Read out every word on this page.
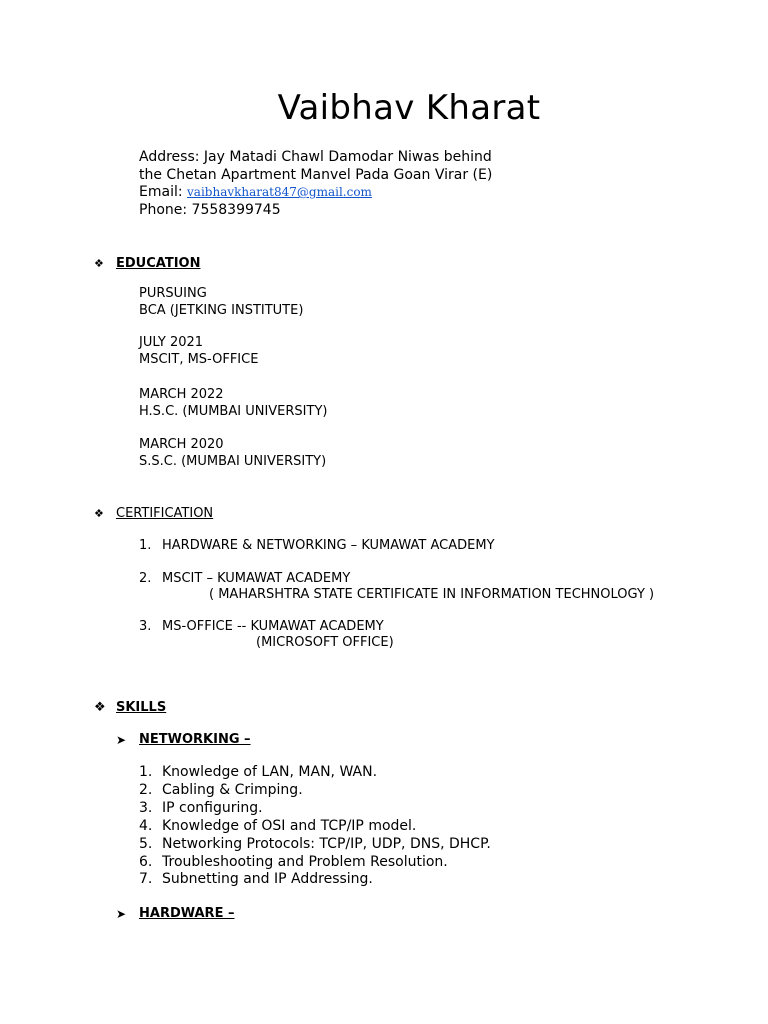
Vaibhav Kharat
Address: Jay Matadi Chawl Damodar Niwas behind
the Chetan Apartment Manvel Pada Goan Virar (E)
Email: vaibhavkharat847@gmail.com
Phone: 7558399745
❖ EDUCATION
PURSUING
BCA (JETKING INSTITUTE)
JULY 2021
MSCIT, MS-OFFICE
MARCH 2022
H.S.C. (MUMBAI UNIVERSITY)
MARCH 2020
S.S.C. (MUMBAI UNIVERSITY)
❖ CERTIFICATION
1. HARDWARE & NETWORKING – KUMAWAT ACADEMY
2. MSCIT – KUMAWAT ACADEMY
( MAHARSHTRA STATE CERTIFICATE IN INFORMATION TECHNOLOGY )
3. MS-OFFICE -- KUMAWAT ACADEMY
(MICROSOFT OFFICE)
❖ SKILLS
➤ NETWORKING –
1. Knowledge of LAN, MAN, WAN.
2. Cabling & Crimping.
3. IP configuring.
4. Knowledge of OSI and TCP/IP model.
5. Networking Protocols: TCP/IP, UDP, DNS, DHCP.
6. Troubleshooting and Problem Resolution.
7. Subnetting and IP Addressing.
➤ HARDWARE –
